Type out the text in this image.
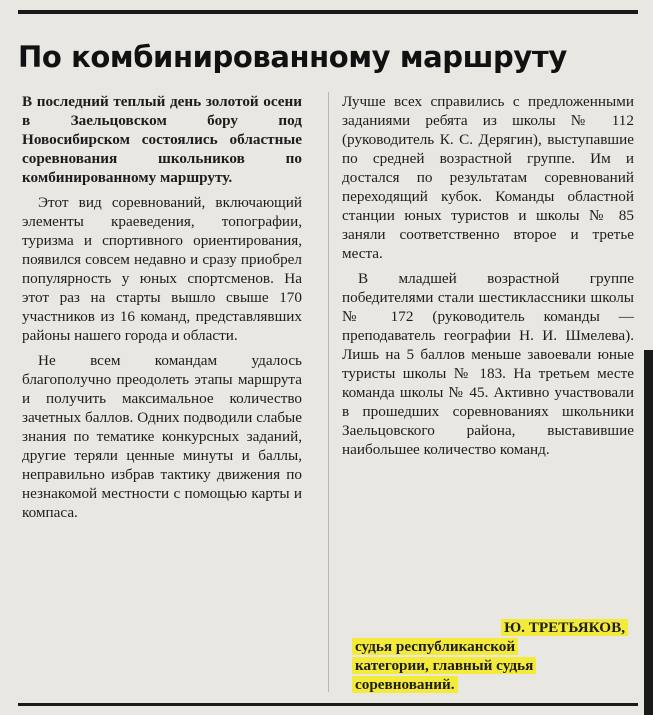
По комбинированному маршруту

В последний теплый день золотой осени в Заельцовском бору под Новосибирском состоялись областные соревнования школьников по комбинированному маршруту.

Этот вид соревнований, включающий элементы краеведения, топографии, туризма и спортивного ориентирования, появился совсем недавно и сразу приобрел популярность у юных спортсменов. На этот раз на старты вышло свыше 170 участников из 16 команд, представлявших районы нашего города и области.

Не всем командам удалось благополучно преодолеть этапы маршрута и получить максимальное количество зачетных баллов. Одних подводили слабые знания по тематике конкурсных заданий, другие теряли ценные минуты и баллы, неправильно избрав тактику движения по незнакомой местности с помощью карты и компаса.

Лучше всех справились с предложенными заданиями ребята из школы № 112 (руководитель К. С. Дерягин), выступавшие по средней возрастной группе. Им и досталcя по результатам соревнований переходящий кубок. Команды областной станции юных туристов и школы № 85 заняли соответственно второе и третье места.

В младшей возрастной группе победителями стали шестиклассники школы № 172 (руководитель команды — преподаватель географии Н. И. Шмелева). Лишь на 5 баллов меньше завоевали юные туристы школы № 183. На третьем месте команда школы № 45. Активно участвовали в прошедших соревнованиях школьники Заельцовского района, выставившие наибольшее количество команд.

Ю. ТРЕТЬЯКОВ,
судья республиканской
категории, главный судья
соревнований.
